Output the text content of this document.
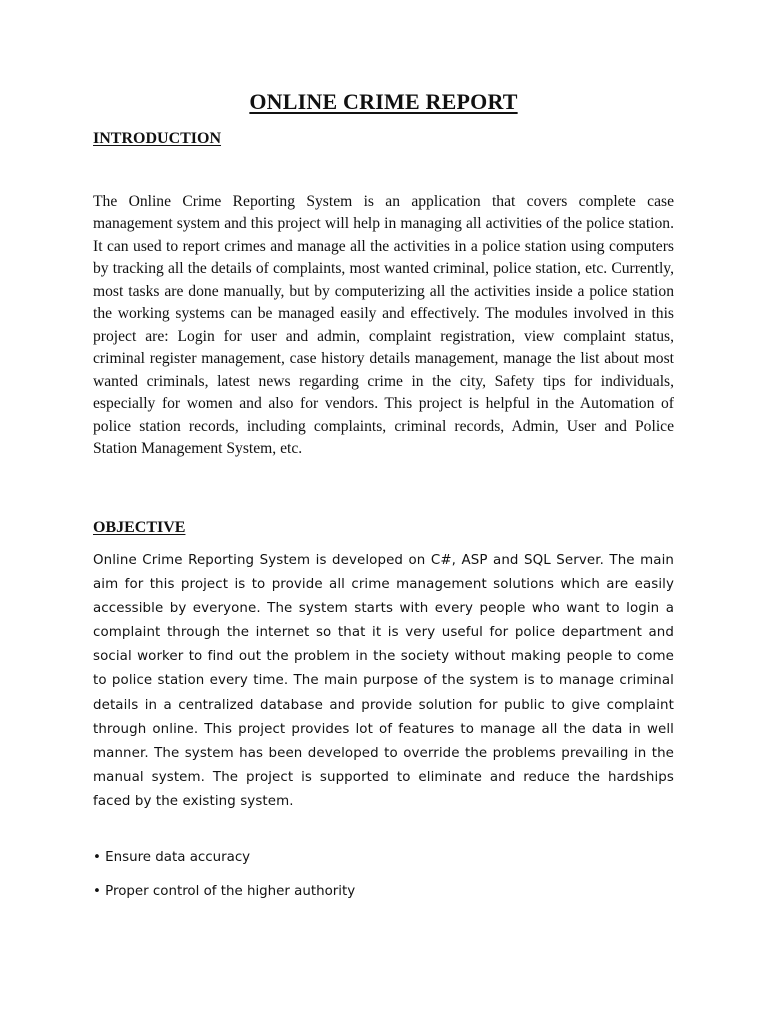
ONLINE CRIME REPORT
INTRODUCTION

The Online Crime Reporting System is an application that covers complete case management system and this project will help in managing all activities of the police station. It can used to report crimes and manage all the activities in a police station using computers by tracking all the details of complaints, most wanted criminal, police station, etc. Currently, most tasks are done manually, but by computerizing all the activities inside a police station the working systems can be managed easily and effectively. The modules involved in this project are: Login for user and admin, complaint registration, view complaint status, criminal register management, case history details management, manage the list about most wanted criminals, latest news regarding crime in the city, Safety tips for individuals, especially for women and also for vendors. This project is helpful in the Automation of police station records, including complaints, criminal records, Admin, User and Police Station Management System, etc.

OBJECTIVE

Online Crime Reporting System is developed on C#, ASP and SQL Server. The main aim for this project is to provide all crime management solutions which are easily accessible by everyone. The system starts with every people who want to login a complaint through the internet so that it is very useful for police department and social worker to find out the problem in the society without making people to come to police station every time. The main purpose of the system is to manage criminal details in a centralized database and provide solution for public to give complaint through online. This project provides lot of features to manage all the data in well manner. The system has been developed to override the problems prevailing in the manual system. The project is supported to eliminate and reduce the hardships faced by the existing system.

• Ensure data accuracy

• Proper control of the higher authority
